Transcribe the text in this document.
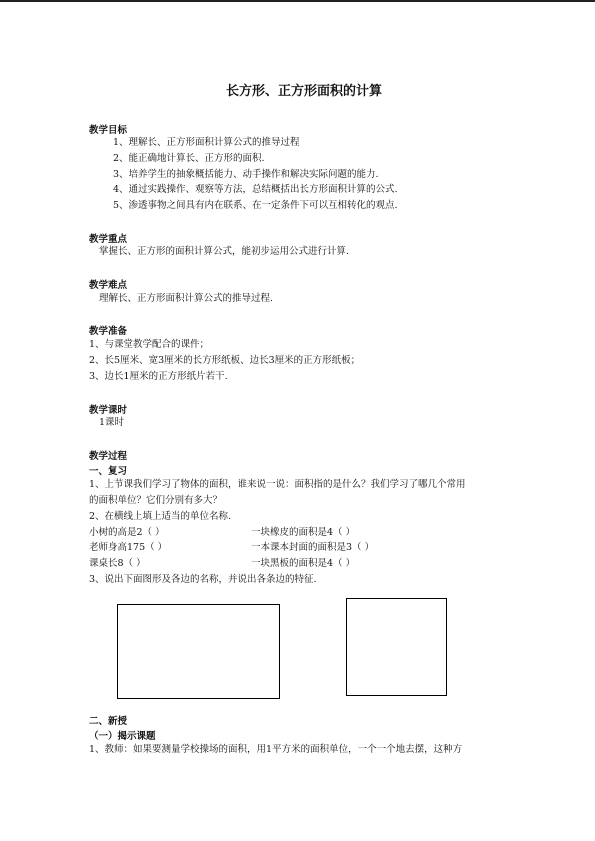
长方形、正方形面积的计算
教学目标
1、理解长、正方形面积计算公式的推导过程
2、能正确地计算长、正方形的面积.
3、培养学生的抽象概括能力、动手操作和解决实际问题的能力.
4、通过实践操作、观察等方法，总结概括出长方形面积计算的公式.
5、渗透事物之间具有内在联系、在一定条件下可以互相转化的观点.
教学重点
掌握长、正方形的面积计算公式，能初步运用公式进行计算.
教学难点
理解长、正方形面积计算公式的推导过程.
教学准备
1、与课堂教学配合的课件；
2、长5厘米、宽3厘米的长方形纸板、边长3厘米的正方形纸板；
3、边长1厘米的正方形纸片若干.
教学课时
1课时
教学过程
一、复习
1、上节课我们学习了物体的面积，谁来说一说：面积指的是什么？我们学习了哪几个常用
的面积单位？它们分别有多大？
2、在横线上填上适当的单位名称.
小树的高是2（ ）	一块橡皮的面积是4（ ）
老师身高175（ ）	一本课本封面的面积是3（ ）
课桌长8（ ）	一块黑板的面积是4（ ）
3、说出下面图形及各边的名称，并说出各条边的特征.
二、新授
（一）揭示课题
1、教师：如果要测量学校操场的面积，用1平方米的面积单位，一个一个地去摆，这种方
